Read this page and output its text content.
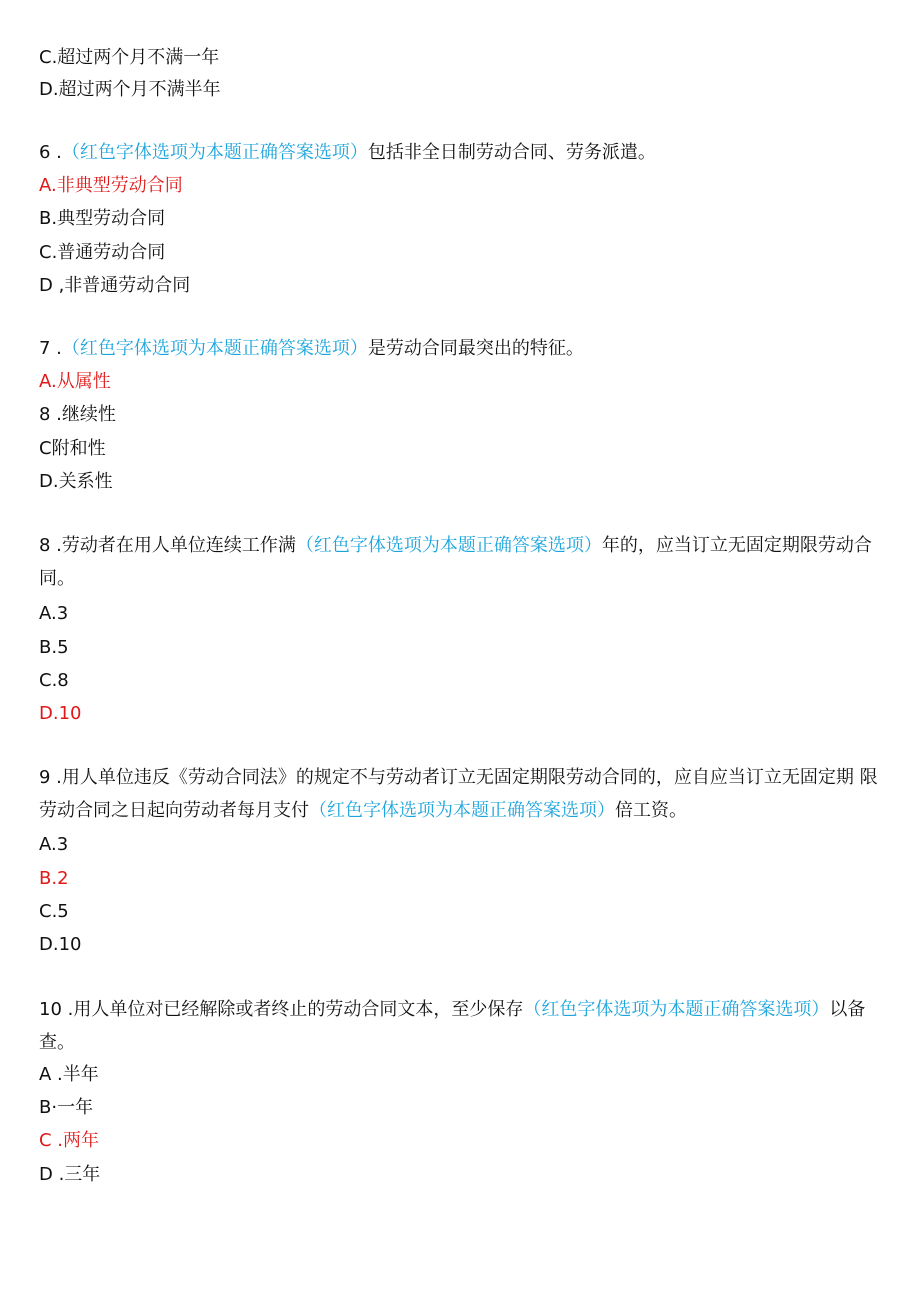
C.超过两个月不满一年
D.超过两个月不满半年
6 .（红色字体选项为本题正确答案选项）包括非全日制劳动合同、劳务派遣。
A.非典型劳动合同
B.典型劳动合同
C.普通劳动合同
D ,非普通劳动合同
7 .（红色字体选项为本题正确答案选项）是劳动合同最突出的特征。
A.从属性
8 .继续性
C附和性
D.关系性
8 .劳动者在用人单位连续工作满（红色字体选项为本题正确答案选项）年的，应当订立无固定期限劳动合 同。
A.3
B.5
C.8
D.10
9 .用人单位违反《劳动合同法》的规定不与劳动者订立无固定期限劳动合同的，应自应当订立无固定期 限劳动合同之日起向劳动者每月支付（红色字体选项为本题正确答案选项）倍工资。
A.3
B.2
C.5
D.10
10 .用人单位对已经解除或者终止的劳动合同文本，至少保存（红色字体选项为本题正确答案选项）以备查。
A .半年
B·一年
C .两年
D .三年
